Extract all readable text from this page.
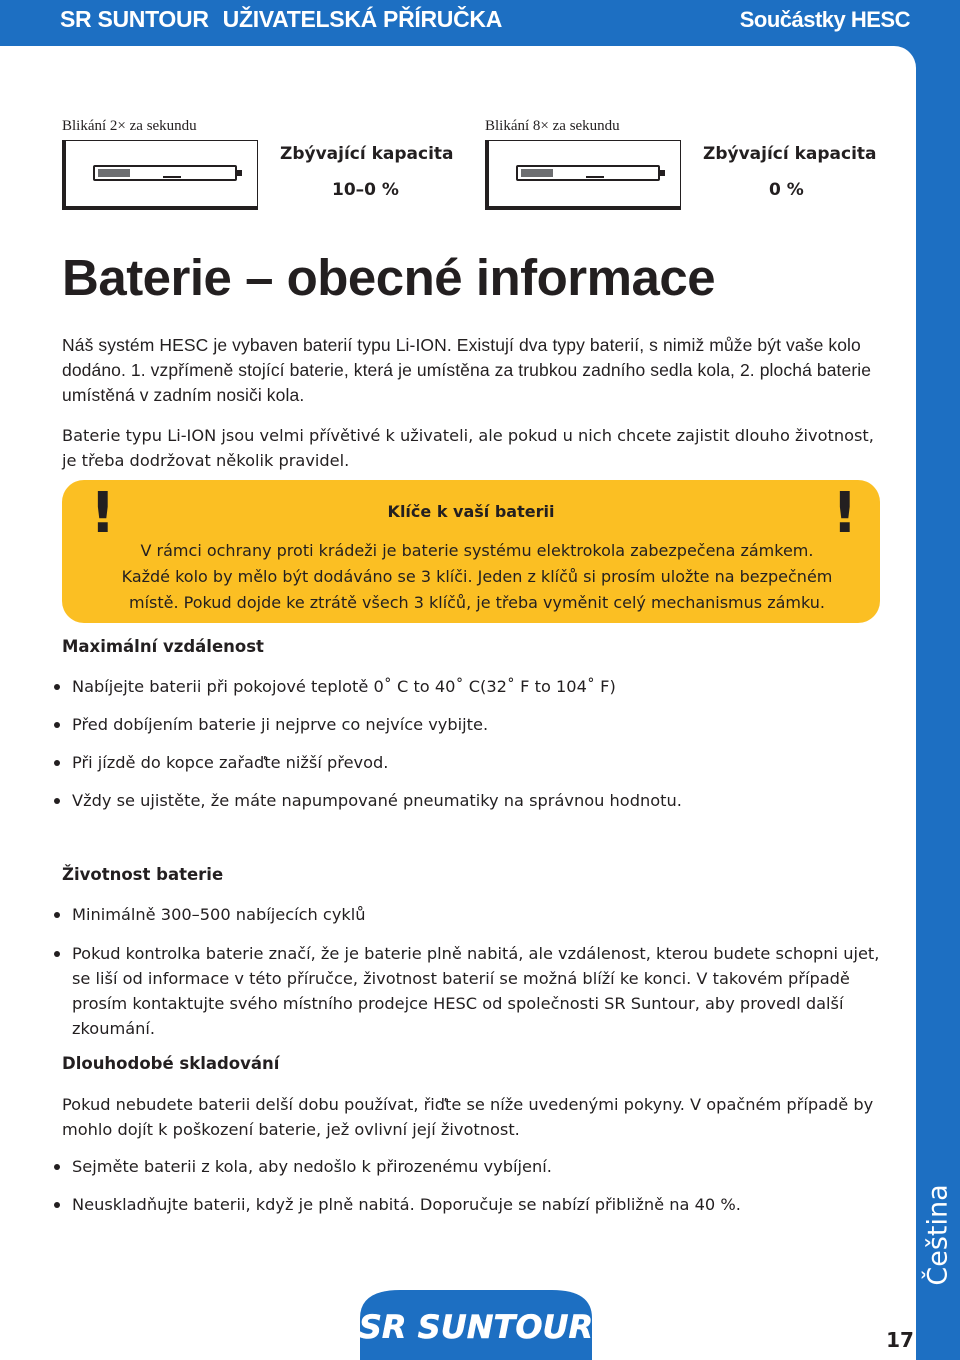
SR SUNTOUR UŽIVATELSKÁ PŘÍRUČKA	Součástky HESC
Blikání 2× za sekundu
Zbývající kapacita
10–0 %
Blikání 8× za sekundu
Zbývající kapacita
0 %
Baterie – obecné informace
Náš systém HESC je vybaven baterií typu Li-ION. Existují dva typy baterií, s nimiž může být vaše kolo dodáno. 1. vzpřímeně stojící baterie, která je umístěna za trubkou zadního sedla kola, 2. plochá baterie umístěná v zadním nosiči kola.
Baterie typu Li-ION jsou velmi přívětivé k uživateli, ale pokud u nich chcete zajistit dlouho životnost, je třeba dodržovat několik pravidel.
!	!
Klíče k vaší baterii
V rámci ochrany proti krádeži je baterie systému elektrokola zabezpečena zámkem.
Každé kolo by mělo být dodáváno se 3 klíči. Jeden z klíčů si prosím uložte na bezpečném
místě. Pokud dojde ke ztrátě všech 3 klíčů, je třeba vyměnit celý mechanismus zámku.
Maximální vzdálenost
Nabíjejte baterii při pokojové teplotě 0˚ C to 40˚ C(32˚ F to 104˚ F)
Před dobíjením baterie ji nejprve co nejvíce vybijte.
Při jízdě do kopce zařaďte nižší převod.
Vždy se ujistěte, že máte napumpované pneumatiky na správnou hodnotu.
Životnost baterie
Minimálně 300–500 nabíjecích cyklů
Pokud kontrolka baterie značí, že je baterie plně nabitá, ale vzdálenost, kterou budete schopni ujet, se liší od informace v této příručce, životnost baterií se možná blíží ke konci. V takovém případě prosím kontaktujte svého místního prodejce HESC od společnosti SR Suntour, aby provedl další zkoumání.
Dlouhodobé skladování
Pokud nebudete baterii delší dobu používat, řiďte se níže uvedenými pokyny. V opačném případě by mohlo dojít k poškození baterie, jež ovlivní její životnost.
Sejměte baterii z kola, aby nedošlo k přirozenému vybíjení.
Neuskladňujte baterii, když je plně nabitá. Doporučuje se nabízí přibližně na 40 %.	Čeština
SR SUNTOUR	17
